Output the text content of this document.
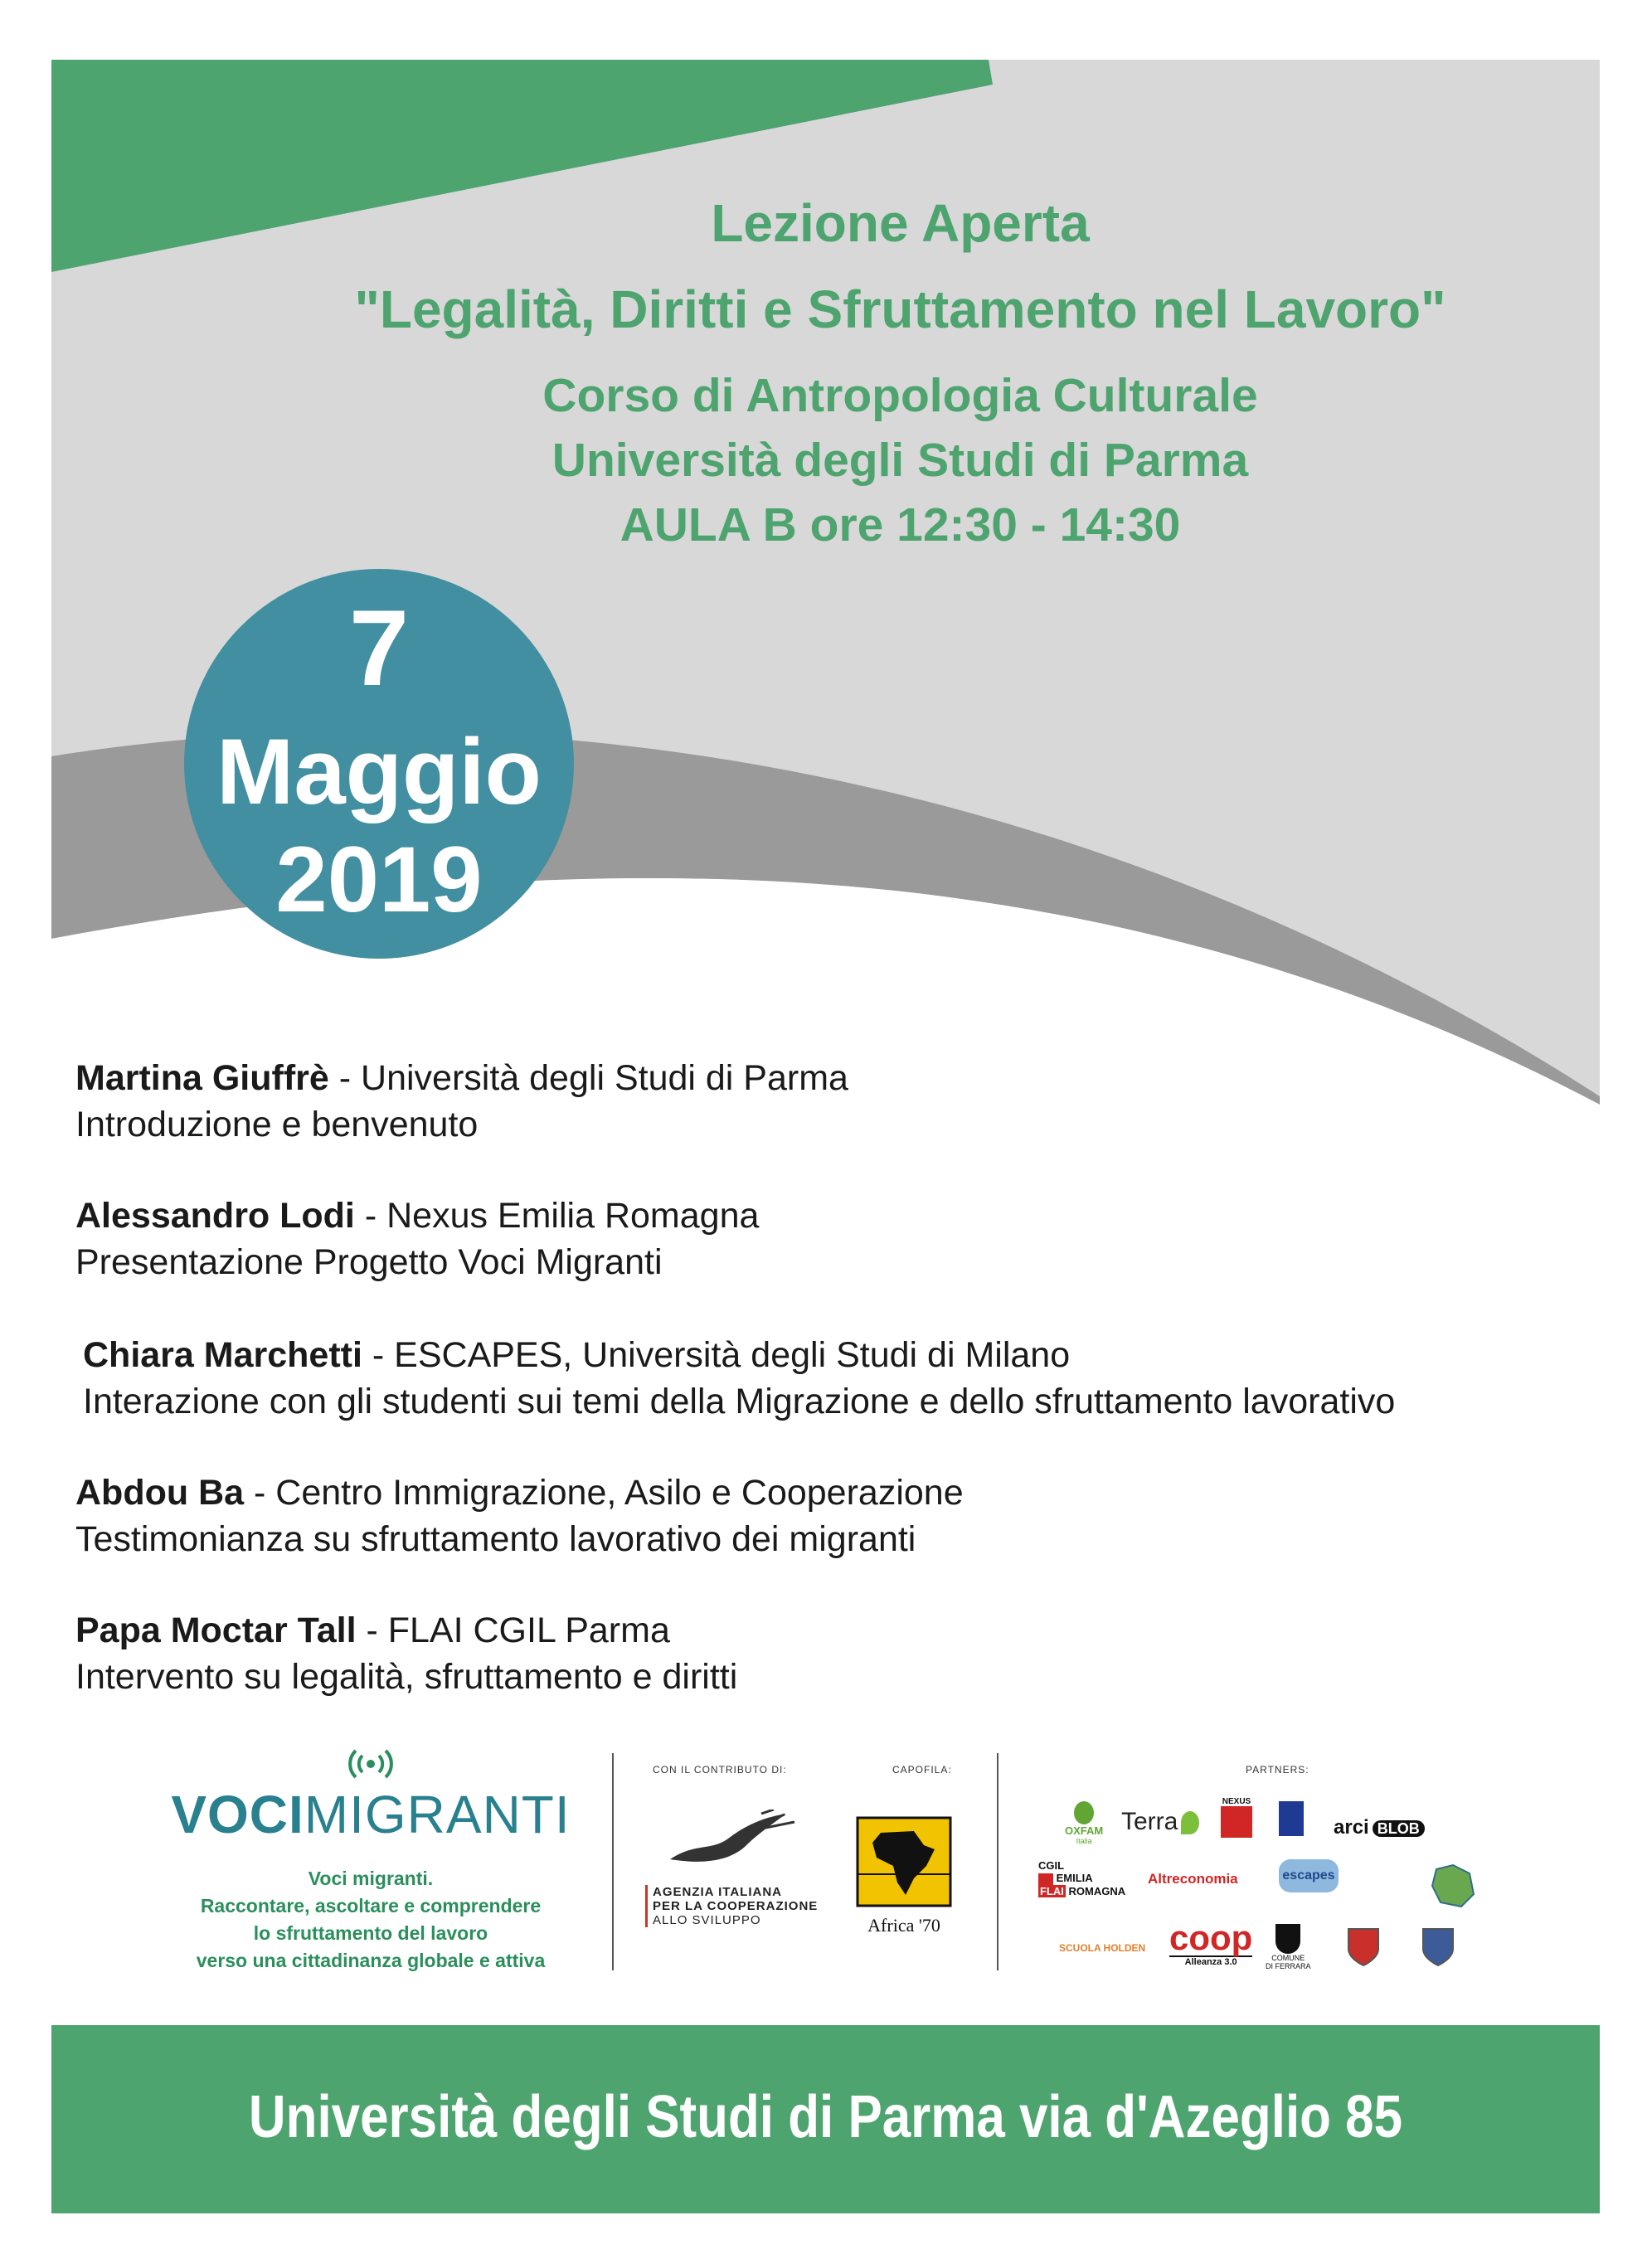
Lezione Aperta
"Legalità, Diritti e Sfruttamento nel Lavoro"
Corso di Antropologia Culturale
Università degli Studi di Parma
AULA B ore 12:30 - 14:30
7
Maggio
2019
Martina Giuffrè - Università degli Studi di Parma
Introduzione e benvenuto
Alessandro Lodi - Nexus Emilia Romagna
Presentazione Progetto Voci Migranti
Chiara Marchetti - ESCAPES, Università degli Studi di Milano
Interazione con gli studenti sui temi della Migrazione e dello sfruttamento lavorativo
Abdou Ba - Centro Immigrazione, Asilo e Cooperazione
Testimonianza su sfruttamento lavorativo dei migranti
Papa Moctar Tall - FLAI CGIL Parma
Intervento su legalità, sfruttamento e diritti
VOCIMIGRANTI
Voci migranti.
Raccontare, ascoltare e comprendere
lo sfruttamento del lavoro
verso una cittadinanza globale e attiva
CON IL CONTRIBUTO DI:	CAPOFILA:	PARTNERS:
AGENZIA ITALIANA
PER LA COOPERAZIONE
ALLO SVILUPPO	Africa '70
OXFAM
Italia
Terra
NEXUS
arci BLOB
CGIL
EMILIA
FLAI ROMAGNA
Altreconomia	escapes
SCUOLA HOLDEN coop
Alleanza 3.0	COMUNE
DI FERRARA
Università degli Studi di Parma via d'Azeglio 85
